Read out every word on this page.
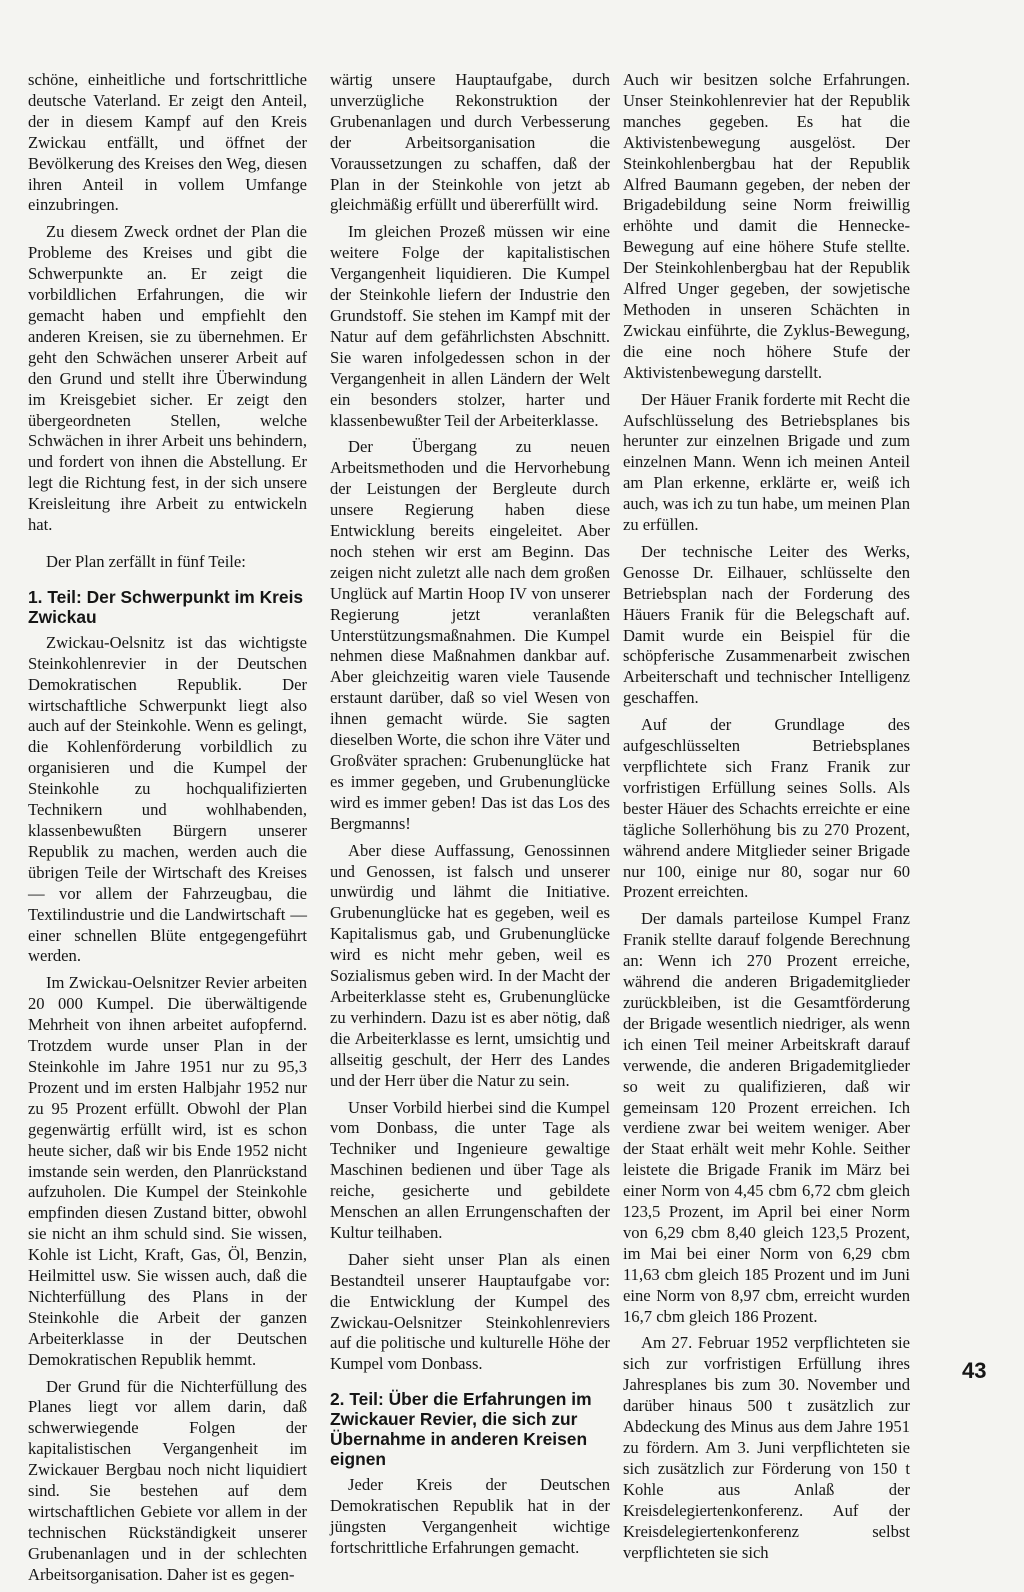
schöne, einheitliche und fortschrittliche deutsche Vaterland. Er zeigt den Anteil, der in diesem Kampf auf den Kreis Zwickau entfällt, und öffnet der Bevölkerung des Kreises den Weg, diesen ihren Anteil in vollem Umfange einzubringen.

Zu diesem Zweck ordnet der Plan die Probleme des Kreises und gibt die Schwerpunkte an. Er zeigt die vorbildlichen Erfahrungen, die wir gemacht haben und empfiehlt den anderen Kreisen, sie zu übernehmen. Er geht den Schwächen unserer Arbeit auf den Grund und stellt ihre Überwindung im Kreisgebiet sicher. Er zeigt den übergeordneten Stellen, welche Schwächen in ihrer Arbeit uns behindern, und fordert von ihnen die Abstellung. Er legt die Richtung fest, in der sich unsere Kreisleitung ihre Arbeit zu entwickeln hat.

Der Plan zerfällt in fünf Teile:

1. Teil: Der Schwerpunkt im Kreis Zwickau

Zwickau-Oelsnitz ist das wichtigste Steinkohlenrevier in der Deutschen Demokratischen Republik. Der wirtschaftliche Schwerpunkt liegt also auch auf der Steinkohle. Wenn es gelingt, die Kohlenförderung vorbildlich zu organisieren und die Kumpel der Steinkohle zu hochqualifizierten Technikern und wohlhabenden, klassenbewußten Bürgern unserer Republik zu machen, werden auch die übrigen Teile der Wirtschaft des Kreises — vor allem der Fahrzeugbau, die Textilindustrie und die Landwirtschaft — einer schnellen Blüte entgegengeführt werden.

Im Zwickau-Oelsnitzer Revier arbeiten 20 000 Kumpel. Die überwältigende Mehrheit von ihnen arbeitet aufopfernd. Trotzdem wurde unser Plan in der Steinkohle im Jahre 1951 nur zu 95,3 Prozent und im ersten Halbjahr 1952 nur zu 95 Prozent erfüllt. Obwohl der Plan gegenwärtig erfüllt wird, ist es schon heute sicher, daß wir bis Ende 1952 nicht imstande sein werden, den Planrückstand aufzuholen. Die Kumpel der Steinkohle empfinden diesen Zustand bitter, obwohl sie nicht an ihm schuld sind. Sie wissen, Kohle ist Licht, Kraft, Gas, Öl, Benzin, Heilmittel usw. Sie wissen auch, daß die Nichterfüllung des Plans in der Steinkohle die Arbeit der ganzen Arbeiterklasse in der Deutschen Demokratischen Republik hemmt.

Der Grund für die Nichterfüllung des Planes liegt vor allem darin, daß schwerwiegende Folgen der kapitalistischen Vergangenheit im Zwickauer Bergbau noch nicht liquidiert sind. Sie bestehen auf dem wirtschaftlichen Gebiete vor allem in der technischen Rückständigkeit unserer Grubenanlagen und in der schlechten Arbeitsorganisation. Daher ist es gegen-

wärtig unsere Hauptaufgabe, durch unverzügliche Rekonstruktion der Grubenanlagen und durch Verbesserung der Arbeitsorganisation die Voraussetzungen zu schaffen, daß der Plan in der Steinkohle von jetzt ab gleichmäßig erfüllt und übererfüllt wird.

Im gleichen Prozeß müssen wir eine weitere Folge der kapitalistischen Vergangenheit liquidieren. Die Kumpel der Steinkohle liefern der Industrie den Grundstoff. Sie stehen im Kampf mit der Natur auf dem gefährlichsten Abschnitt. Sie waren infolgedessen schon in der Vergangenheit in allen Ländern der Welt ein besonders stolzer, harter und klassenbewußter Teil der Arbeiterklasse.

Der Übergang zu neuen Arbeitsmethoden und die Hervorhebung der Leistungen der Bergleute durch unsere Regierung haben diese Entwicklung bereits eingeleitet. Aber noch stehen wir erst am Beginn. Das zeigen nicht zuletzt alle nach dem großen Unglück auf Martin Hoop IV von unserer Regierung jetzt veranlaßten Unterstützungsmaßnahmen. Die Kumpel nehmen diese Maßnahmen dankbar auf. Aber gleichzeitig waren viele Tausende erstaunt darüber, daß so viel Wesen von ihnen gemacht würde. Sie sagten dieselben Worte, die schon ihre Väter und Großväter sprachen: Grubenunglücke hat es immer gegeben, und Grubenunglücke wird es immer geben! Das ist das Los des Bergmanns!

Aber diese Auffassung, Genossinnen und Genossen, ist falsch und unserer unwürdig und lähmt die Initiative. Grubenunglücke hat es gegeben, weil es Kapitalismus gab, und Grubenunglücke wird es nicht mehr geben, weil es Sozialismus geben wird. In der Macht der Arbeiterklasse steht es, Grubenunglücke zu verhindern. Dazu ist es aber nötig, daß die Arbeiterklasse es lernt, umsichtig und allseitig geschult, der Herr des Landes und der Herr über die Natur zu sein.

Unser Vorbild hierbei sind die Kumpel vom Donbass, die unter Tage als Techniker und Ingenieure gewaltige Maschinen bedienen und über Tage als reiche, gesicherte und gebildete Menschen an allen Errungenschaften der Kultur teilhaben.

Daher sieht unser Plan als einen Bestandteil unserer Hauptaufgabe vor: die Entwicklung der Kumpel des Zwickau-Oelsnitzer Steinkohlenreviers auf die politische und kulturelle Höhe der Kumpel vom Donbass.

2. Teil: Über die Erfahrungen im Zwickauer Revier, die sich zur Übernahme in anderen Kreisen eignen

Jeder Kreis der Deutschen Demokratischen Republik hat in der jüngsten Vergangenheit wichtige fortschrittliche Erfahrungen gemacht.

Auch wir besitzen solche Erfahrungen. Unser Steinkohlenrevier hat der Republik manches gegeben. Es hat die Aktivistenbewegung ausgelöst. Der Steinkohlenbergbau hat der Republik Alfred Baumann gegeben, der neben der Brigadebildung seine Norm freiwillig erhöhte und damit die Hennecke-Bewegung auf eine höhere Stufe stellte. Der Steinkohlenbergbau hat der Republik Alfred Unger gegeben, der sowjetische Methoden in unseren Schächten in Zwickau einführte, die Zyklus-Bewegung, die eine noch höhere Stufe der Aktivistenbewegung darstellt.

Der Häuer Franik forderte mit Recht die Aufschlüsselung des Betriebsplanes bis herunter zur einzelnen Brigade und zum einzelnen Mann. Wenn ich meinen Anteil am Plan erkenne, erklärte er, weiß ich auch, was ich zu tun habe, um meinen Plan zu erfüllen.

Der technische Leiter des Werks, Genosse Dr. Eilhauer, schlüsselte den Betriebsplan nach der Forderung des Häuers Franik für die Belegschaft auf. Damit wurde ein Beispiel für die schöpferische Zusammenarbeit zwischen Arbeiterschaft und technischer Intelligenz geschaffen.

Auf der Grundlage des aufgeschlüsselten Betriebsplanes verpflichtete sich Franz Franik zur vorfristigen Erfüllung seines Solls. Als bester Häuer des Schachts erreichte er eine tägliche Sollerhöhung bis zu 270 Prozent, während andere Mitglieder seiner Brigade nur 100, einige nur 80, sogar nur 60 Prozent erreichten.

Der damals parteilose Kumpel Franz Franik stellte darauf folgende Berechnung an: Wenn ich 270 Prozent erreiche, während die anderen Brigademitglieder zurückbleiben, ist die Gesamtförderung der Brigade wesentlich niedriger, als wenn ich einen Teil meiner Arbeitskraft darauf verwende, die anderen Brigademitglieder so weit zu qualifizieren, daß wir gemeinsam 120 Prozent erreichen. Ich verdiene zwar bei weitem weniger. Aber der Staat erhält weit mehr Kohle. Seither leistete die Brigade Franik im März bei einer Norm von 4,45 cbm 6,72 cbm gleich 123,5 Prozent, im April bei einer Norm von 6,29 cbm 8,40 gleich 123,5 Prozent, im Mai bei einer Norm von 6,29 cbm 11,63 cbm gleich 185 Prozent und im Juni eine Norm von 8,97 cbm, erreicht wurden 16,7 cbm gleich 186 Prozent.

Am 27. Februar 1952 verpflichteten sie sich zur vorfristigen Erfüllung ihres Jahresplanes bis zum 30. November und darüber hinaus 500 t zusätzlich zur Abdeckung des Minus aus dem Jahre 1951 zu fördern. Am 3. Juni verpflichteten sie sich zusätzlich zur Förderung von 150 t Kohle aus Anlaß der Kreisdelegiertenkonferenz. Auf der Kreisdelegiertenkonferenz selbst verpflichteten sie sich

43
